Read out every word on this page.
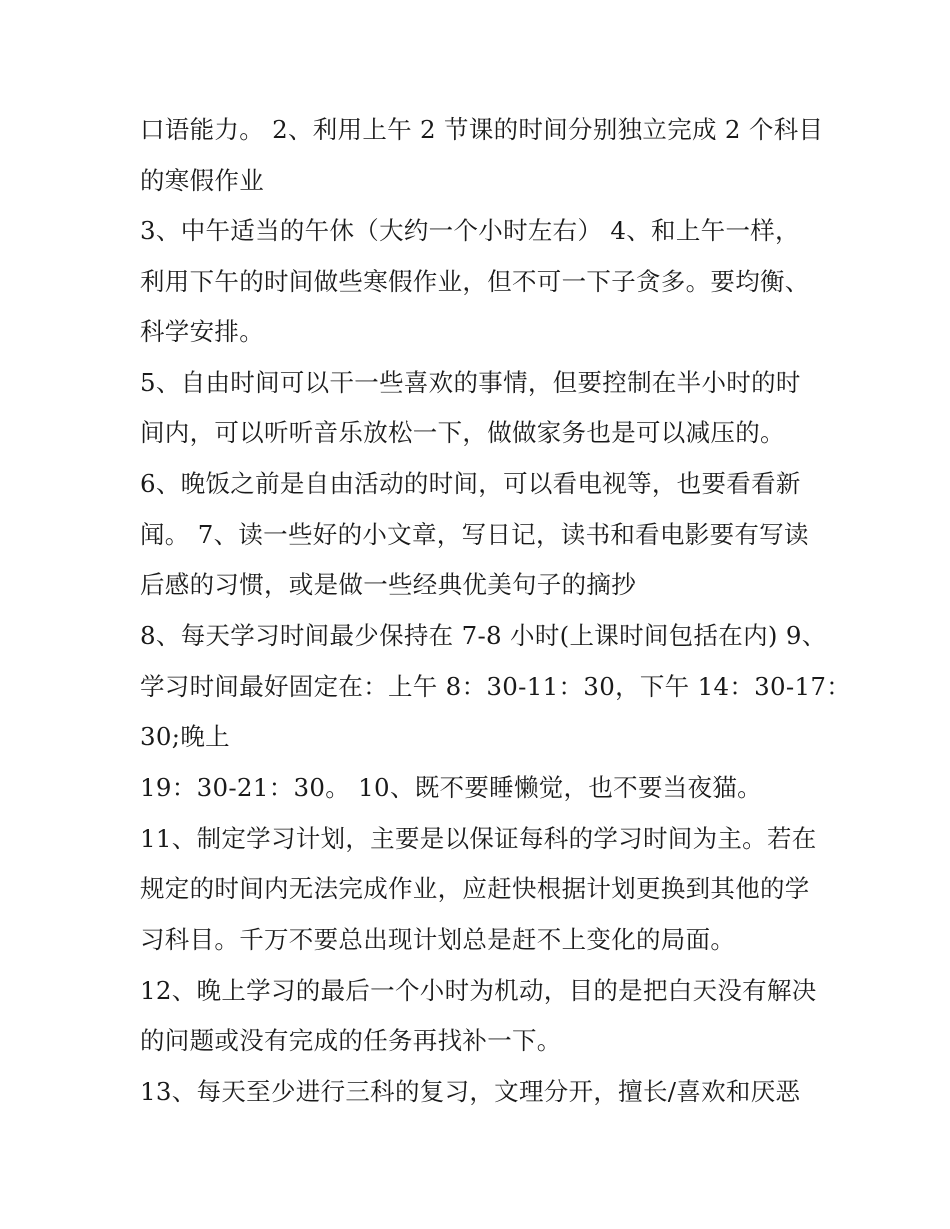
口语能力。 2、利用上午 2 节课的时间分别独立完成 2 个科目

的寒假作业

3、中午适当的午休（大约一个小时左右） 4、和上午一样，

利用下午的时间做些寒假作业，但不可一下子贪多。要均衡、

科学安排。

5、自由时间可以干一些喜欢的事情，但要控制在半小时的时

间内，可以听听音乐放松一下，做做家务也是可以减压的。

6、晚饭之前是自由活动的时间，可以看电视等，也要看看新

闻。 7、读一些好的小文章，写日记，读书和看电影要有写读

后感的习惯，或是做一些经典优美句子的摘抄

8、每天学习时间最少保持在 7-8 小时(上课时间包括在内) 9、

学习时间最好固定在：上午 8：30-11：30，下午 14：30-17：

30;晚上

19：30-21：30。 10、既不要睡懒觉，也不要当夜猫。

11、制定学习计划，主要是以保证每科的学习时间为主。若在

规定的时间内无法完成作业，应赶快根据计划更换到其他的学

习科目。千万不要总出现计划总是赶不上变化的局面。

12、晚上学习的最后一个小时为机动，目的是把白天没有解决

的问题或没有完成的任务再找补一下。

13、每天至少进行三科的复习，文理分开，擅长/喜欢和厌恶
